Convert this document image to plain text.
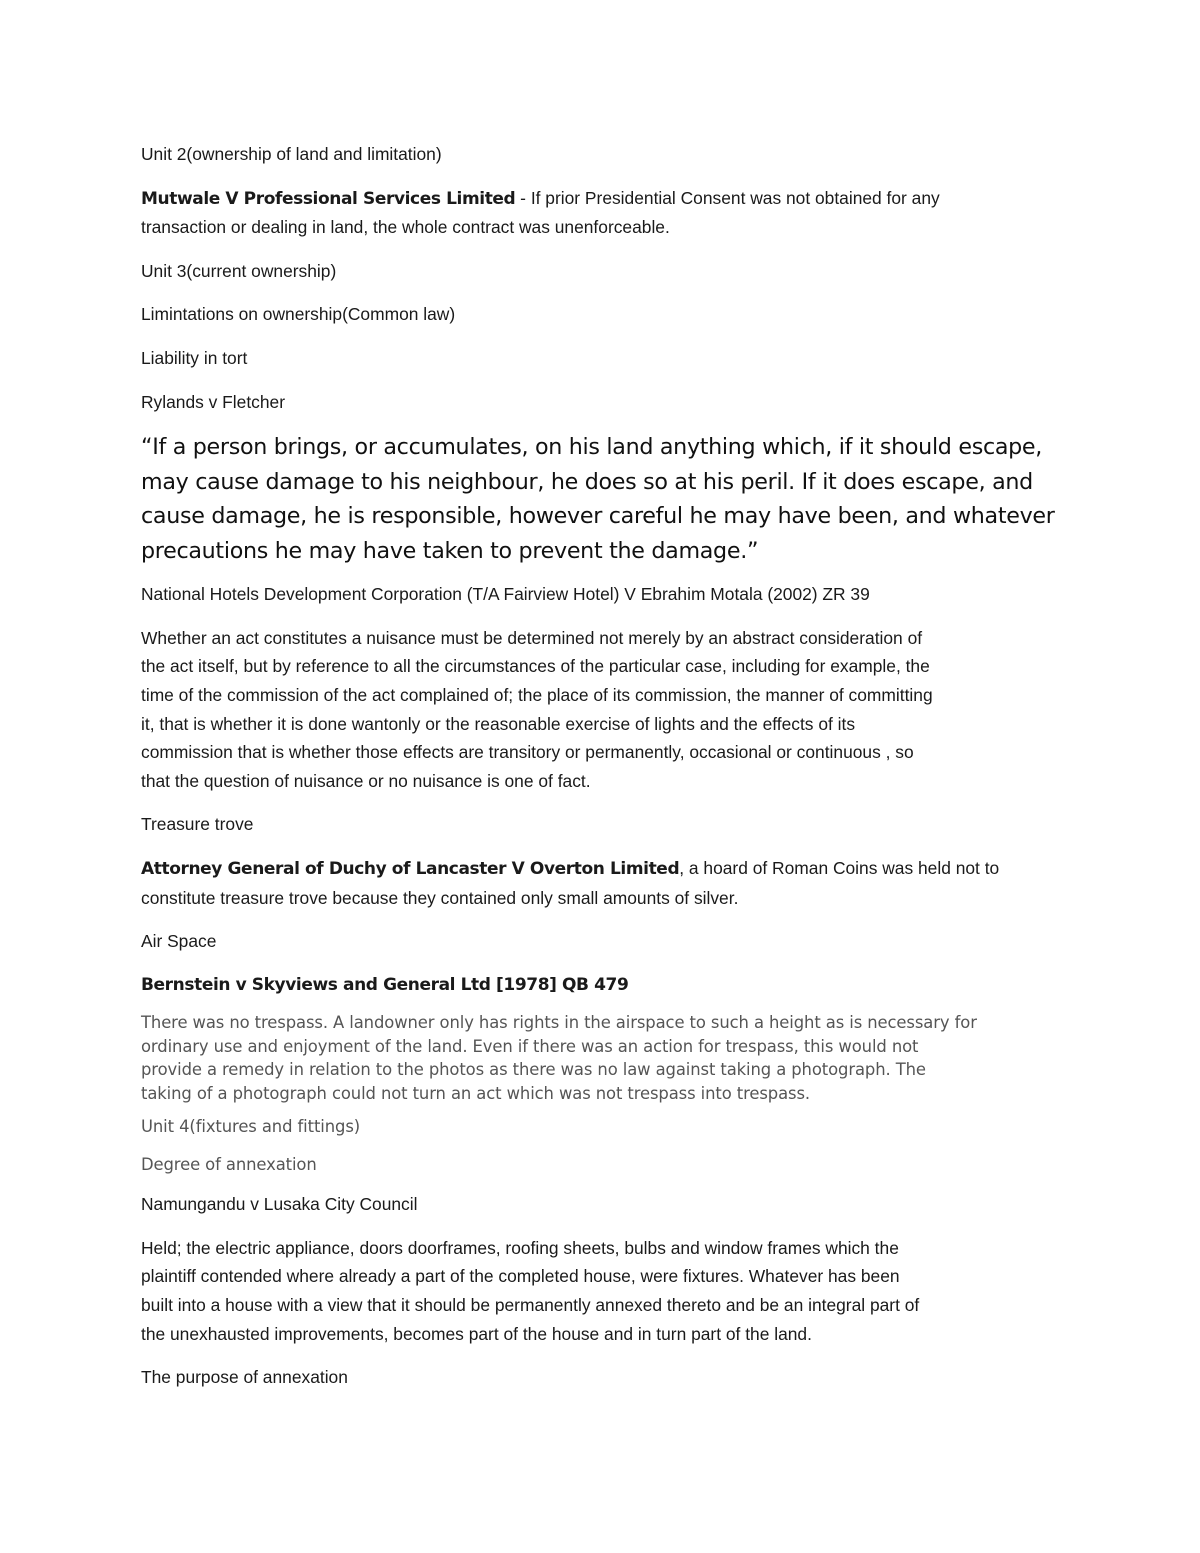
Unit 2(ownership of land and limitation)

Mutwale V Professional Services Limited - If prior Presidential Consent was not obtained for any

transaction or dealing in land, the whole contract was unenforceable.

Unit 3(current ownership)

Limintations on ownership(Common law)

Liability in tort

Rylands v Fletcher

“If a person brings, or accumulates, on his land anything which, if it should escape,

may cause damage to his neighbour, he does so at his peril. If it does escape, and

cause damage, he is responsible, however careful he may have been, and whatever

precautions he may have taken to prevent the damage.”

National Hotels Development Corporation (T/A Fairview Hotel) V Ebrahim Motala (2002) ZR 39

Whether an act constitutes a nuisance must be determined not merely by an abstract consideration of

the act itself, but by reference to all the circumstances of the particular case, including for example, the

time of the commission of the act complained of; the place of its commission, the manner of committing

it, that is whether it is done wantonly or the reasonable exercise of lights and the effects of its

commission that is whether those effects are transitory or permanently, occasional or continuous , so

that the question of nuisance or no nuisance is one of fact.

Treasure trove

Attorney General of Duchy of Lancaster V Overton Limited, a hoard of Roman Coins was held not to

constitute treasure trove because they contained only small amounts of silver.

Air Space

Bernstein v Skyviews and General Ltd [1978] QB 479

There was no trespass. A landowner only has rights in the airspace to such a height as is necessary for

ordinary use and enjoyment of the land. Even if there was an action for trespass, this would not

provide a remedy in relation to the photos as there was no law against taking a photograph. The

taking of a photograph could not turn an act which was not trespass into trespass.

Unit 4(fixtures and fittings)

Degree of annexation

Namungandu v Lusaka City Council

Held; the electric appliance, doors doorframes, roofing sheets, bulbs and window frames which the

plaintiff contended where already a part of the completed house, were fixtures. Whatever has been

built into a house with a view that it should be permanently annexed thereto and be an integral part of

the unexhausted improvements, becomes part of the house and in turn part of the land.

The purpose of annexation
